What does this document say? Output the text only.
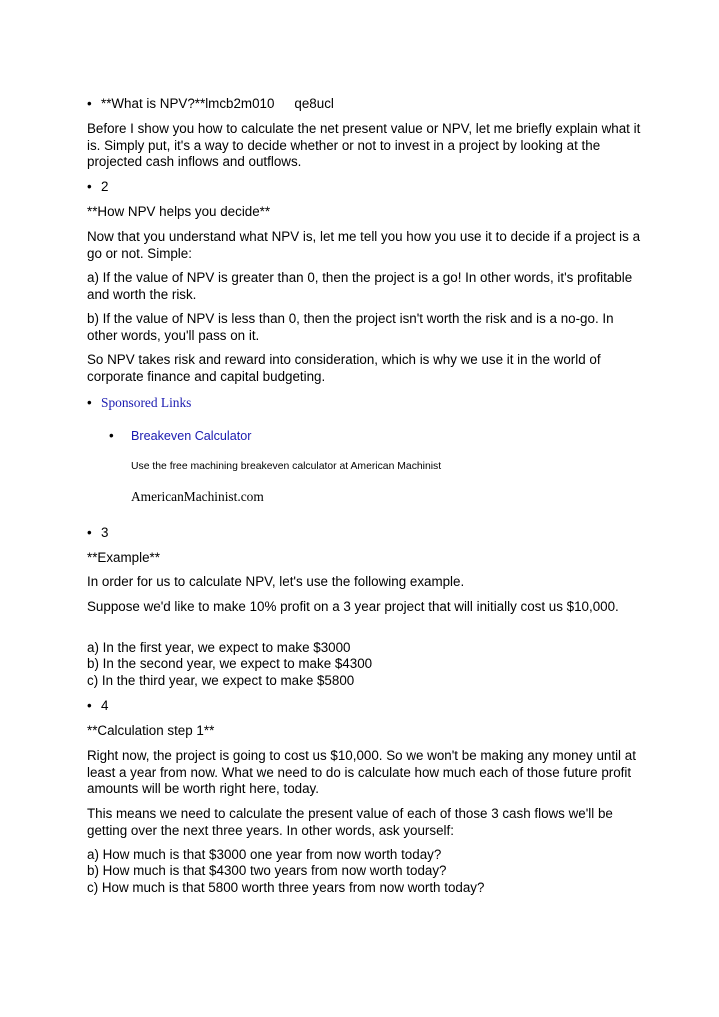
•**What is NPV?**lmcb2m010 qe8ucl

Before I show you how to calculate the net present value or NPV, let me briefly explain what it is. Simply put, it's a way to decide whether or not to invest in a project by looking at the projected cash inflows and outflows.

•2

**How NPV helps you decide**

Now that you understand what NPV is, let me tell you how you use it to decide if a project is a go or not. Simple:

a) If the value of NPV is greater than 0, then the project is a go! In other words, it's profitable and worth the risk.

b) If the value of NPV is less than 0, then the project isn't worth the risk and is a no-go. In other words, you'll pass on it.

So NPV takes risk and reward into consideration, which is why we use it in the world of corporate finance and capital budgeting.

•Sponsored Links
•Breakeven Calculator

Use the free machining breakeven calculator at American Machinist

AmericanMachinist.com

•3

**Example**

In order for us to calculate NPV, let's use the following example.

Suppose we'd like to make 10% profit on a 3 year project that will initially cost us $10,000.

a) In the first year, we expect to make $3000

b) In the second year, we expect to make $4300

c) In the third year, we expect to make $5800

•4

**Calculation step 1**

Right now, the project is going to cost us $10,000. So we won't be making any money until at least a year from now. What we need to do is calculate how much each of those future profit amounts will be worth right here, today.

This means we need to calculate the present value of each of those 3 cash flows we'll be getting over the next three years. In other words, ask yourself:

a) How much is that $3000 one year from now worth today?

b) How much is that $4300 two years from now worth today?

c) How much is that 5800 worth three years from now worth today?
